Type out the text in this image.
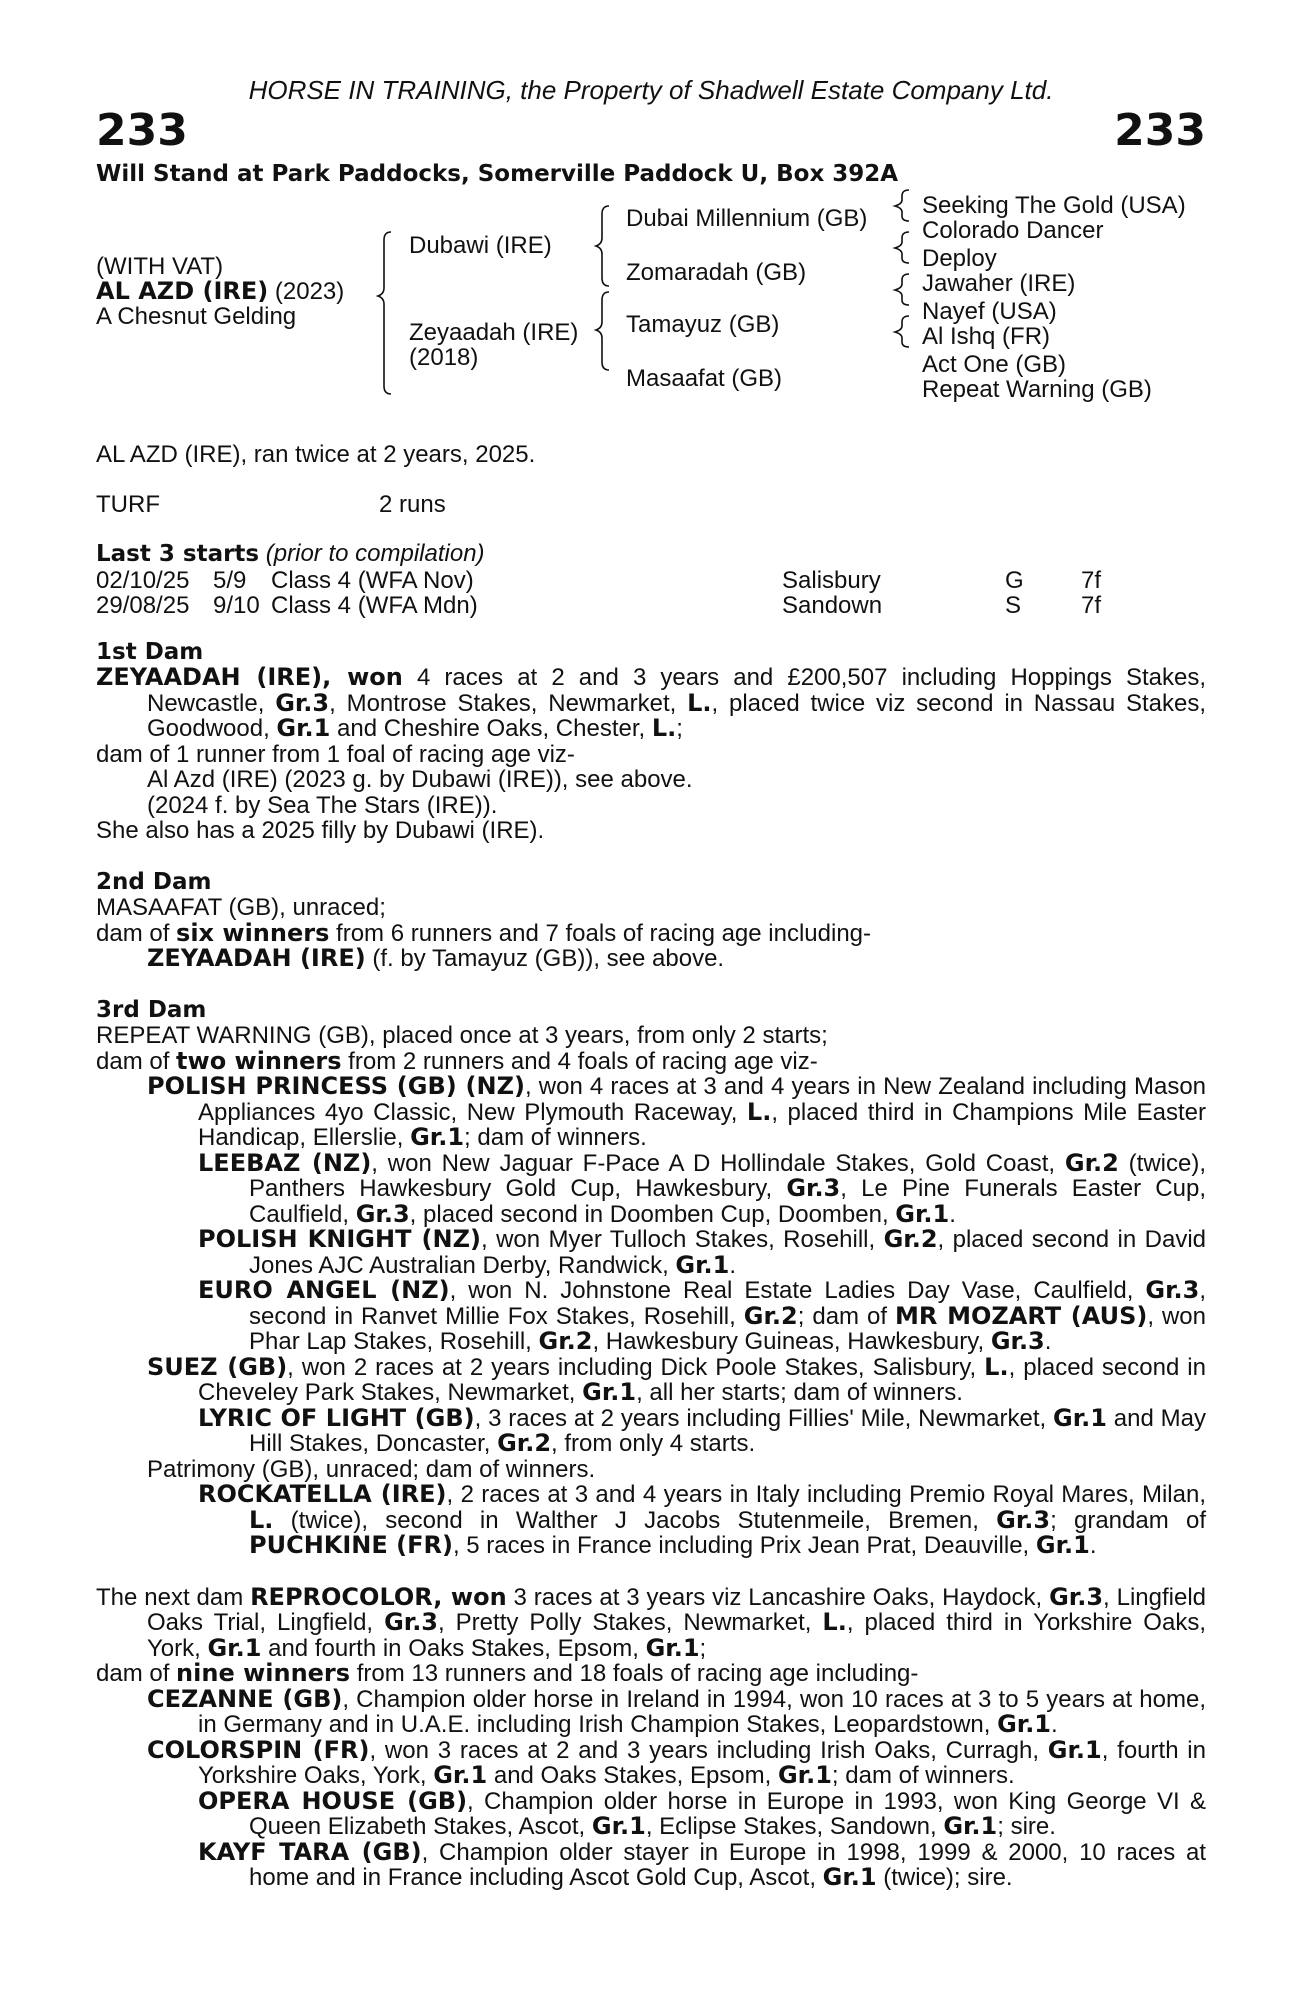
HORSE IN TRAINING, the Property of Shadwell Estate Company Ltd.
233	233
Will Stand at Park Paddocks, Somerville Paddock U, Box 392A
(WITH VAT)
AL AZD (IRE) (2023)
A Chesnut Gelding
Dubawi (IRE)
Zeyaadah (IRE)
(2018)
Dubai Millennium (GB)
Zomaradah (GB)
Tamayuz (GB)
Masaafat (GB)
Seeking The Gold (USA)
Colorado Dancer
Deploy
Jawaher (IRE)
Nayef (USA)
Al Ishq (FR)
Act One (GB)
Repeat Warning (GB)

AL AZD (IRE), ran twice at 2 years, 2025.

TURF	2 runs

Last 3 starts (prior to compilation)

02/10/25 5/9	Class 4 (WFA Nov)	Salisbury	G	7f
29/08/25 9/10 Class 4 (WFA Mdn)	Sandown	S	7f

1st Dam

ZEYAADAH (IRE), won 4 races at 2 and 3 years and £200,507 including Hoppings Stakes, Newcastle, Gr.3, Montrose Stakes, Newmarket, L., placed twice viz second in Nassau Stakes, Goodwood, Gr.1 and Cheshire Oaks, Chester, L.;

dam of 1 runner from 1 foal of racing age viz-

Al Azd (IRE) (2023 g. by Dubawi (IRE)), see above.

(2024 f. by Sea The Stars (IRE)).

She also has a 2025 filly by Dubawi (IRE).

2nd Dam

MASAAFAT (GB), unraced;

dam of six winners from 6 runners and 7 foals of racing age including-

ZEYAADAH (IRE) (f. by Tamayuz (GB)), see above.

3rd Dam

REPEAT WARNING (GB), placed once at 3 years, from only 2 starts;

dam of two winners from 2 runners and 4 foals of racing age viz-

POLISH PRINCESS (GB) (NZ), won 4 races at 3 and 4 years in New Zealand including Mason Appliances 4yo Classic, New Plymouth Raceway, L., placed third in Champions Mile Easter Handicap, Ellerslie, Gr.1; dam of winners.

LEEBAZ (NZ), won New Jaguar F-Pace A D Hollindale Stakes, Gold Coast, Gr.2 (twice), Panthers Hawkesbury Gold Cup, Hawkesbury, Gr.3, Le Pine Funerals Easter Cup, Caulfield, Gr.3, placed second in Doomben Cup, Doomben, Gr.1.

POLISH KNIGHT (NZ), won Myer Tulloch Stakes, Rosehill, Gr.2, placed second in David Jones AJC Australian Derby, Randwick, Gr.1.

EURO ANGEL (NZ), won N. Johnstone Real Estate Ladies Day Vase, Caulfield, Gr.3, second in Ranvet Millie Fox Stakes, Rosehill, Gr.2; dam of MR MOZART (AUS), won Phar Lap Stakes, Rosehill, Gr.2, Hawkesbury Guineas, Hawkesbury, Gr.3.

SUEZ (GB), won 2 races at 2 years including Dick Poole Stakes, Salisbury, L., placed second in Cheveley Park Stakes, Newmarket, Gr.1, all her starts; dam of winners.

LYRIC OF LIGHT (GB), 3 races at 2 years including Fillies' Mile, Newmarket, Gr.1 and May Hill Stakes, Doncaster, Gr.2, from only 4 starts.

Patrimony (GB), unraced; dam of winners.

ROCKATELLA (IRE), 2 races at 3 and 4 years in Italy including Premio Royal Mares, Milan, L. (twice), second in Walther J Jacobs Stutenmeile, Bremen, Gr.3; grandam of PUCHKINE (FR), 5 races in France including Prix Jean Prat, Deauville, Gr.1.

The next dam REPROCOLOR, won 3 races at 3 years viz Lancashire Oaks, Haydock, Gr.3, Lingfield Oaks Trial, Lingfield, Gr.3, Pretty Polly Stakes, Newmarket, L., placed third in Yorkshire Oaks, York, Gr.1 and fourth in Oaks Stakes, Epsom, Gr.1;

dam of nine winners from 13 runners and 18 foals of racing age including-

CEZANNE (GB), Champion older horse in Ireland in 1994, won 10 races at 3 to 5 years at home, in Germany and in U.A.E. including Irish Champion Stakes, Leopardstown, Gr.1.

COLORSPIN (FR), won 3 races at 2 and 3 years including Irish Oaks, Curragh, Gr.1, fourth in Yorkshire Oaks, York, Gr.1 and Oaks Stakes, Epsom, Gr.1; dam of winners.

OPERA HOUSE (GB), Champion older horse in Europe in 1993, won King George VI & Queen Elizabeth Stakes, Ascot, Gr.1, Eclipse Stakes, Sandown, Gr.1; sire.

KAYF TARA (GB), Champion older stayer in Europe in 1998, 1999 & 2000, 10 races at home and in France including Ascot Gold Cup, Ascot, Gr.1 (twice); sire.
